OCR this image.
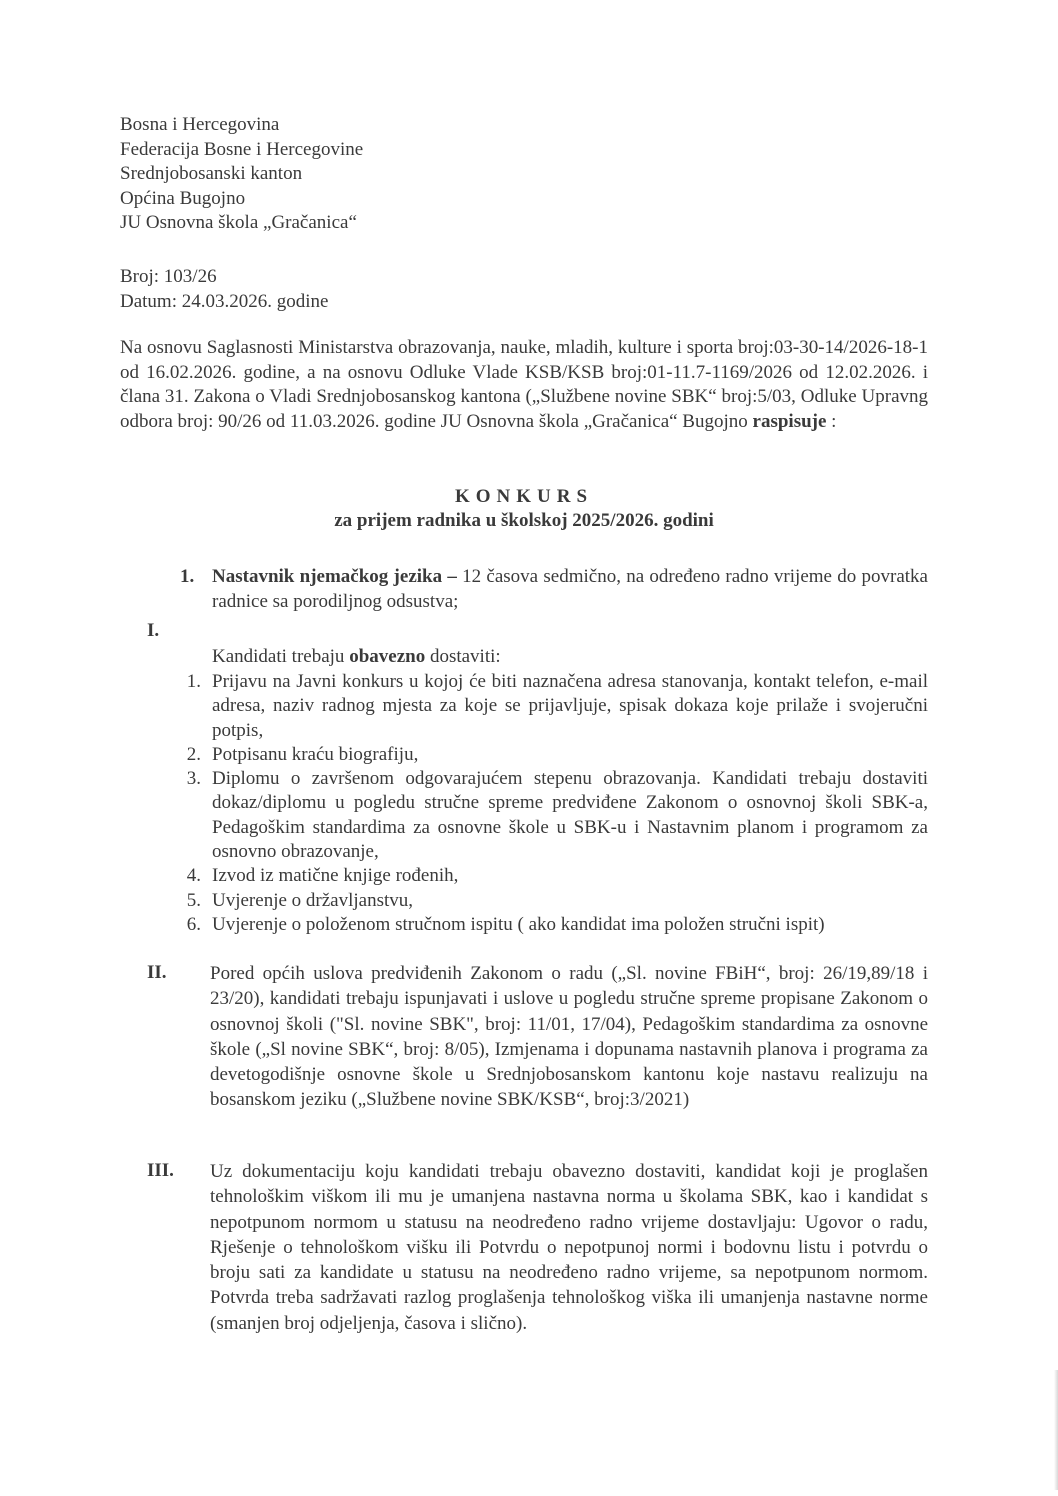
Bosna i Hercegovina
Federacija Bosne i Hercegovine
Srednjobosanski kanton
Općina Bugojno
JU Osnovna škola „Gračanica“
Broj: 103/26
Datum: 24.03.2026. godine
Na osnovu Saglasnosti Ministarstva obrazovanja, nauke, mladih, kulture i sporta broj:03-30-14/2026-18-1 od 16.02.2026. godine, a na osnovu Odluke Vlade KSB/KSB broj:01-11.7-1169/2026 od 12.02.2026. i člana 31. Zakona o Vladi Srednjobosanskog kantona („Službene novine SBK“ broj:5/03, Odluke Upravng odbora broj: 90/26 od 11.03.2026. godine JU Osnovna škola „Gračanica“ Bugojno raspisuje :
KONKURS
za prijem radnika u školskoj 2025/2026. godini
1. Nastavnik njemačkog jezika – 12 časova sedmično, na određeno radno vrijeme do povratka radnice sa porodiljnog odsustva;
I.
Kandidati trebaju obavezno dostaviti:
1. Prijavu na Javni konkurs u kojoj će biti naznačena adresa stanovanja, kontakt telefon, e-mail adresa, naziv radnog mjesta za koje se prijavljuje, spisak dokaza koje prilaže i svojeručni potpis,
2. Potpisanu kraću biografiju,
3. Diplomu o završenom odgovarajućem stepenu obrazovanja. Kandidati trebaju dostaviti dokaz/diplomu u pogledu stručne spreme predviđene Zakonom o osnovnoj školi SBK-a, Pedagoškim standardima za osnovne škole u SBK-u i Nastavnim planom i programom za osnovno obrazovanje,
4. Izvod iz matične knjige rođenih,
5. Uvjerenje o državljanstvu,
6. Uvjerenje o položenom stručnom ispitu ( ako kandidat ima položen stručni ispit)
II. Pored općih uslova predviđenih Zakonom o radu („Sl. novine FBiH“, broj: 26/19,89/18 i 23/20), kandidati trebaju ispunjavati i uslove u pogledu stručne spreme propisane Zakonom o osnovnoj školi ("Sl. novine SBK", broj: 11/01, 17/04), Pedagoškim standardima za osnovne škole („Sl novine SBK“, broj: 8/05), Izmjenama i dopunama nastavnih planova i programa za devetogodišnje osnovne škole u Srednjobosanskom kantonu koje nastavu realizuju na bosanskom jeziku („Službene novine SBK/KSB“, broj:3/2021)
III. Uz dokumentaciju koju kandidati trebaju obavezno dostaviti, kandidat koji je proglašen tehnološkim viškom ili mu je umanjena nastavna norma u školama SBK, kao i kandidat s nepotpunom normom u statusu na neodređeno radno vrijeme dostavljaju: Ugovor o radu, Rješenje o tehnološkom višku ili Potvrdu o nepotpunoj normi i bodovnu listu i potvrdu o broju sati za kandidate u statusu na neodređeno radno vrijeme, sa nepotpunom normom. Potvrda treba sadržavati razlog proglašenja tehnološkog viška ili umanjenja nastavne norme (smanjen broj odjeljenja, časova i slično).
